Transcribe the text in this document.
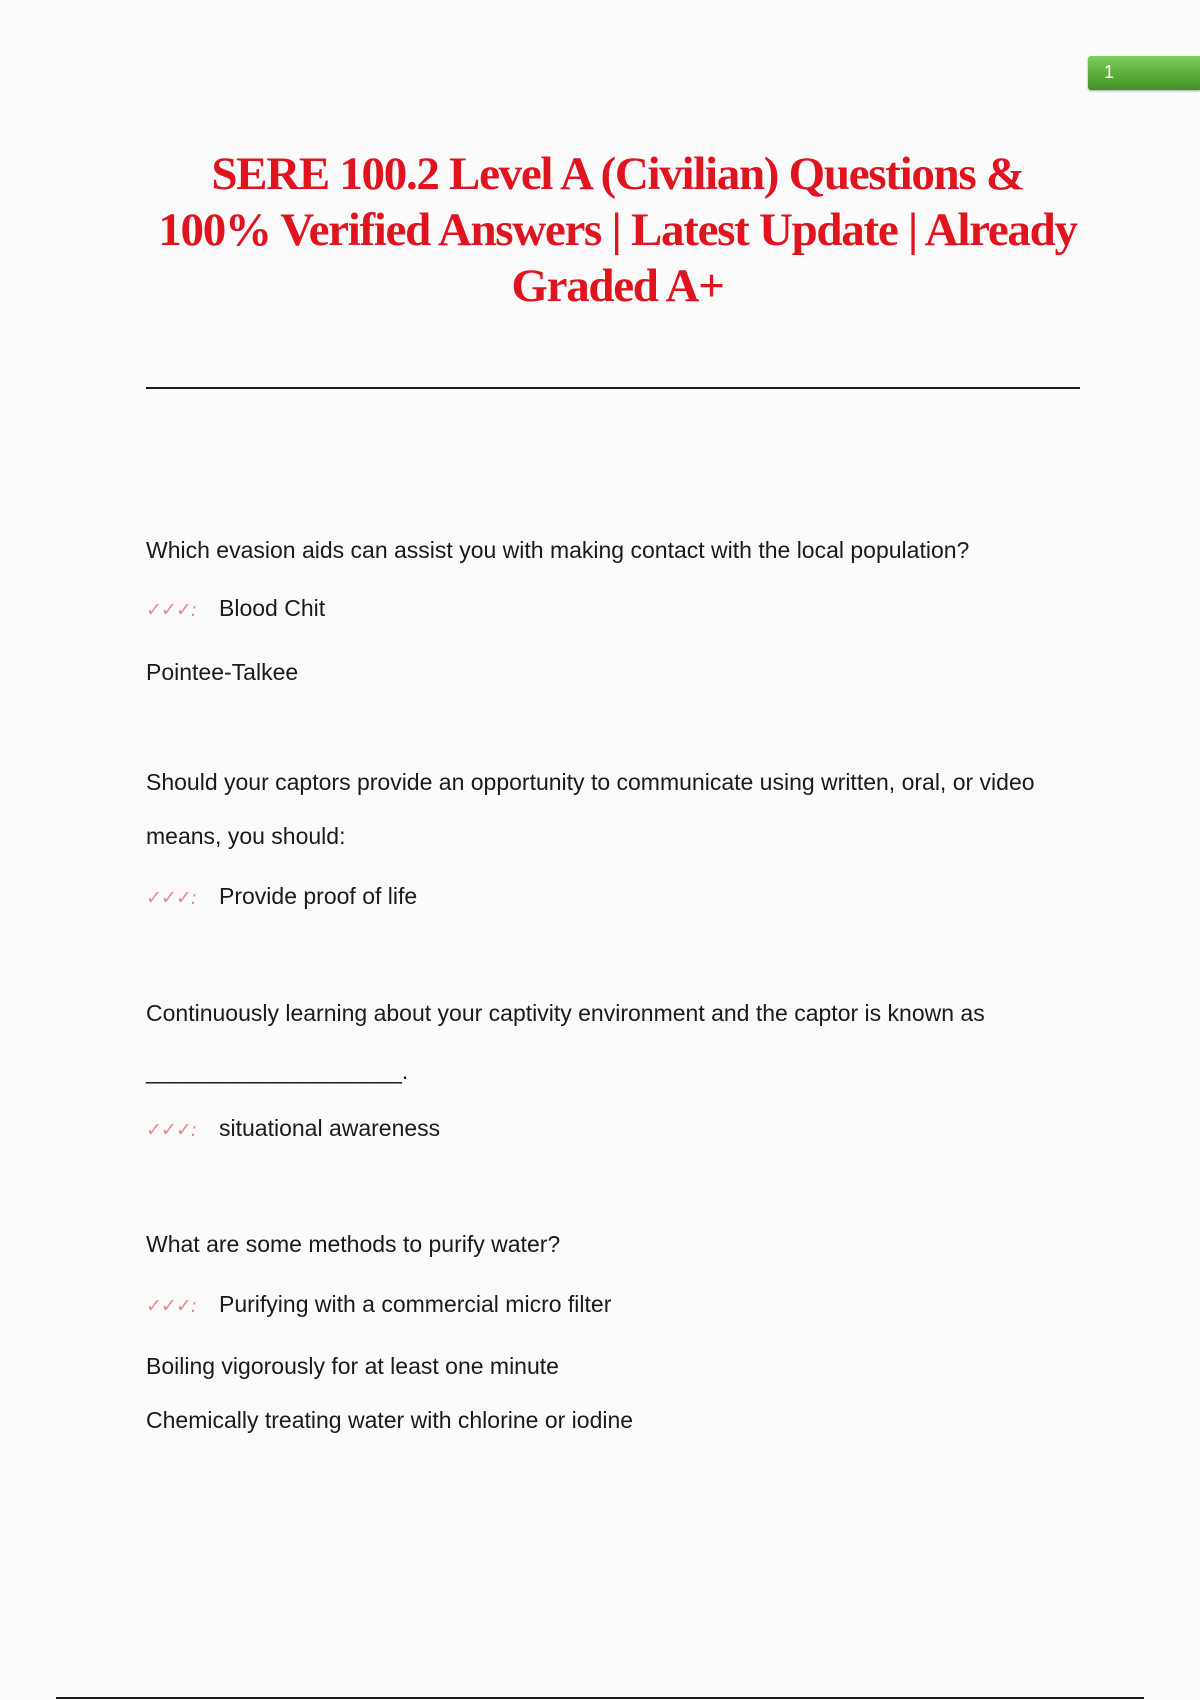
1
SERE 100.2 Level A (Civilian) Questions &
100% Verified Answers | Latest Update | Already
Graded A+

Which evasion aids can assist you with making contact with the local population?

✓✓✓: Blood Chit

Pointee-Talkee

Should your captors provide an opportunity to communicate using written, oral, or video

means, you should:

✓✓✓: Provide proof of life

Continuously learning about your captivity environment and the captor is known as

____________________.

✓✓✓: situational awareness

What are some methods to purify water?

✓✓✓: Purifying with a commercial micro filter

Boiling vigorously for at least one minute

Chemically treating water with chlorine or iodine
